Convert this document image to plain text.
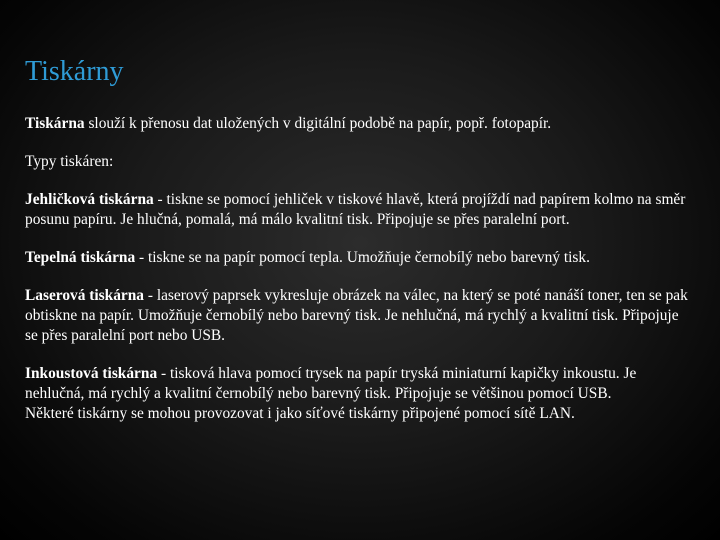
Tiskárny

Tiskárna slouží k přenosu dat uložených v digitální podobě na papír, popř. fotopapír.

Typy tiskáren:

Jehličková tiskárna - tiskne se pomocí jehliček v tiskové hlavě, která projíždí nad papírem kolmo na směr posunu papíru. Je hlučná, pomalá, má málo kvalitní tisk. Připojuje se přes paralelní port.

Tepelná tiskárna - tiskne se na papír pomocí tepla. Umožňuje černobílý nebo barevný tisk.

Laserová tiskárna - laserový paprsek vykresluje obrázek na válec, na který se poté nanáší toner, ten se pak obtiskne na papír. Umožňuje černobílý nebo barevný tisk. Je nehlučná, má rychlý a kvalitní tisk. Připojuje se přes paralelní port nebo USB.

Inkoustová tiskárna - tisková hlava pomocí trysek na papír tryská miniaturní kapičky inkoustu. Je nehlučná, má rychlý a kvalitní černobílý nebo barevný tisk. Připojuje se většinou pomocí USB.

Některé tiskárny se mohou provozovat i jako síťové tiskárny připojené pomocí sítě LAN.
